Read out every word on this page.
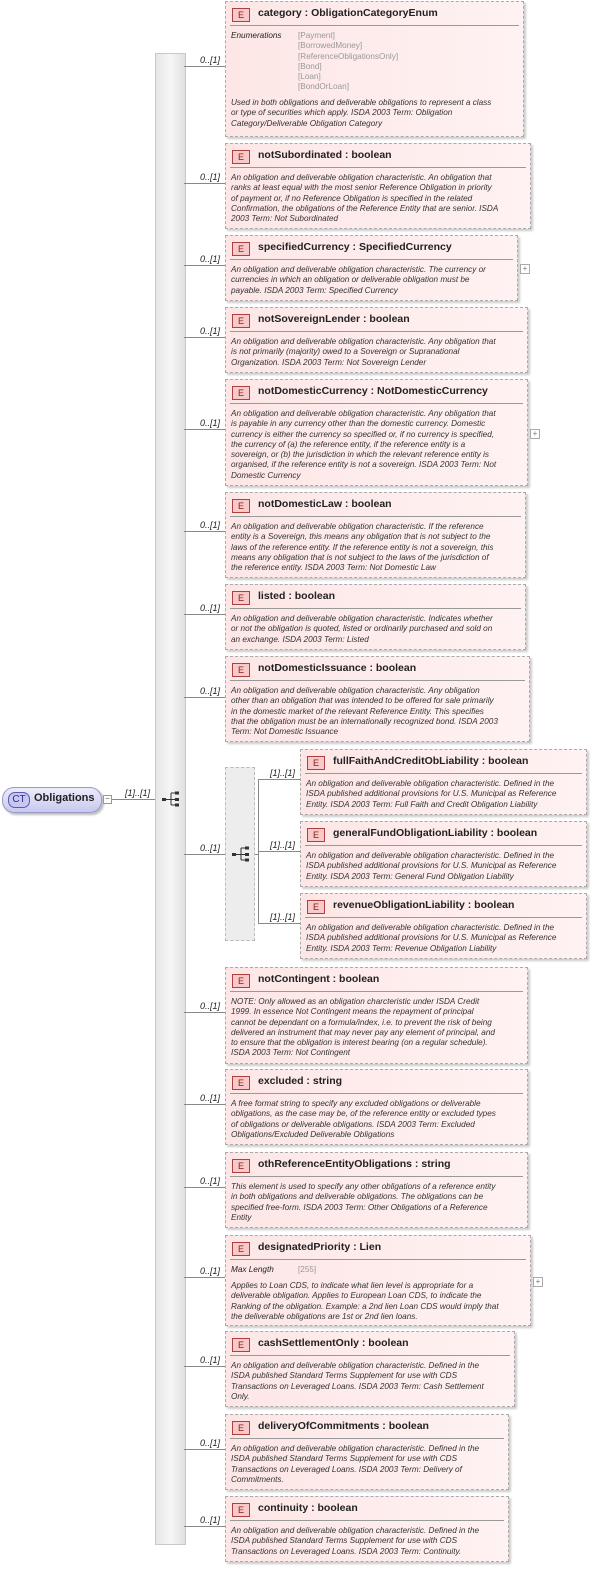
CT Obligations −
[1]..[1]
0..[1]
0..[1]
E	category : ObligationCategoryEnum
Enumerations [Payment]
[BorrowedMoney]
[ReferenceObligationsOnly]
[Bond]
[Loan]
[BondOrLoan]
Used in both obligations and deliverable obligations to represent a class
or type of securities which apply. ISDA 2003 Term: Obligation
Category/Deliverable Obligation Category
0..[1]
E	notSubordinated : boolean
An obligation and deliverable obligation characteristic. An obligation that
ranks at least equal with the most senior Reference Obligation in priority
of payment or, if no Reference Obligation is specified in the related
Confirmation, the obligations of the Reference Entity that are senior. ISDA
2003 Term: Not Subordinated
0..[1]
E	specifiedCurrency : SpecifiedCurrency
An obligation and deliverable obligation characteristic. The currency or
currencies in which an obligation or deliverable obligation must be
payable. ISDA 2003 Term: Specified Currency
+
0..[1]
E	notSovereignLender : boolean
An obligation and deliverable obligation characteristic. Any obligation that
is not primarily (majority) owed to a Sovereign or Supranational
Organization. ISDA 2003 Term: Not Sovereign Lender
0..[1]
E	notDomesticCurrency : NotDomesticCurrency
An obligation and deliverable obligation characteristic. Any obligation that
is payable in any currency other than the domestic currency. Domestic
currency is either the currency so specified or, if no currency is specified,
the currency of (a) the reference entity, if the reference entity is a
sovereign, or (b) the jurisdiction in which the relevant reference entity is
organised, if the reference entity is not a sovereign. ISDA 2003 Term: Not
Domestic Currency
+
0..[1]
E	notDomesticLaw : boolean
An obligation and deliverable obligation characteristic. If the reference
entity is a Sovereign, this means any obligation that is not subject to the
laws of the reference entity. If the reference entity is not a sovereign, this
means any obligation that is not subject to the laws of the jurisdiction of
the reference entity. ISDA 2003 Term: Not Domestic Law
0..[1]
E	listed : boolean
An obligation and deliverable obligation characteristic. Indicates whether
or not the obligation is quoted, listed or ordinarily purchased and sold on
an exchange. ISDA 2003 Term: Listed
0..[1]
E	notDomesticIssuance : boolean
An obligation and deliverable obligation characteristic. Any obligation
other than an obligation that was intended to be offered for sale primarily
in the domestic market of the relevant Reference Entity. This specifies
that the obligation must be an internationally recognized bond. ISDA 2003
Term: Not Domestic Issuance
0..[1]
E	notContingent : boolean
NOTE: Only allowed as an obligation charcteristic under ISDA Credit
1999. In essence Not Contingent means the repayment of principal
cannot be dependant on a formula/index, i.e. to prevent the risk of being
delivered an instrument that may never pay any element of principal, and
to ensure that the obligation is interest bearing (on a regular schedule).
ISDA 2003 Term: Not Contingent
0..[1]
E	excluded : string
A free format string to specify any excluded obligations or deliverable
obligations, as the case may be, of the reference entity or excluded types
of obligations or deliverable obligations. ISDA 2003 Term: Excluded
Obligations/Excluded Deliverable Obligations
0..[1]
E	othReferenceEntityObligations : string
This element is used to specify any other obligations of a reference entity
in both obligations and deliverable obligations. The obligations can be
specified free-form. ISDA 2003 Term: Other Obligations of a Reference
Entity
0..[1]
E	designatedPriority : Lien
Max Length	[255]
Applies to Loan CDS, to indicate what lien level is appropriate for a
deliverable obligation. Applies to European Loan CDS, to indicate the
Ranking of the obligation. Example: a 2nd lien Loan CDS would imply that
the deliverable obligations are 1st or 2nd lien loans.
+
0..[1]
E	cashSettlementOnly : boolean
An obligation and deliverable obligation characteristic. Defined in the
ISDA published Standard Terms Supplement for use with CDS
Transactions on Leveraged Loans. ISDA 2003 Term: Cash Settlement
Only.
0..[1]
E	deliveryOfCommitments : boolean
An obligation and deliverable obligation characteristic. Defined in the
ISDA published Standard Terms Supplement for use with CDS
Transactions on Leveraged Loans. ISDA 2003 Term: Delivery of
Commitments.
0..[1]
E	continuity : boolean
An obligation and deliverable obligation characteristic. Defined in the
ISDA published Standard Terms Supplement for use with CDS
Transactions on Leveraged Loans. ISDA 2003 Term: Continuity.
[1]..[1]
E	fullFaithAndCreditObLiability : boolean
An obligation and deliverable obligation characteristic. Defined in the
ISDA published additional provisions for U.S. Municipal as Reference
Entity. ISDA 2003 Term: Full Faith and Credit Obligation Liability
[1]..[1]
E	generalFundObligationLiability : boolean
An obligation and deliverable obligation characteristic. Defined in the
ISDA published additional provisions for U.S. Municipal as Reference
Entity. ISDA 2003 Term: General Fund Obligation Liability
[1]..[1]
E	revenueObligationLiability : boolean
An obligation and deliverable obligation characteristic. Defined in the
ISDA published additional provisions for U.S. Municipal as Reference
Entity. ISDA 2003 Term: Revenue Obligation Liability
